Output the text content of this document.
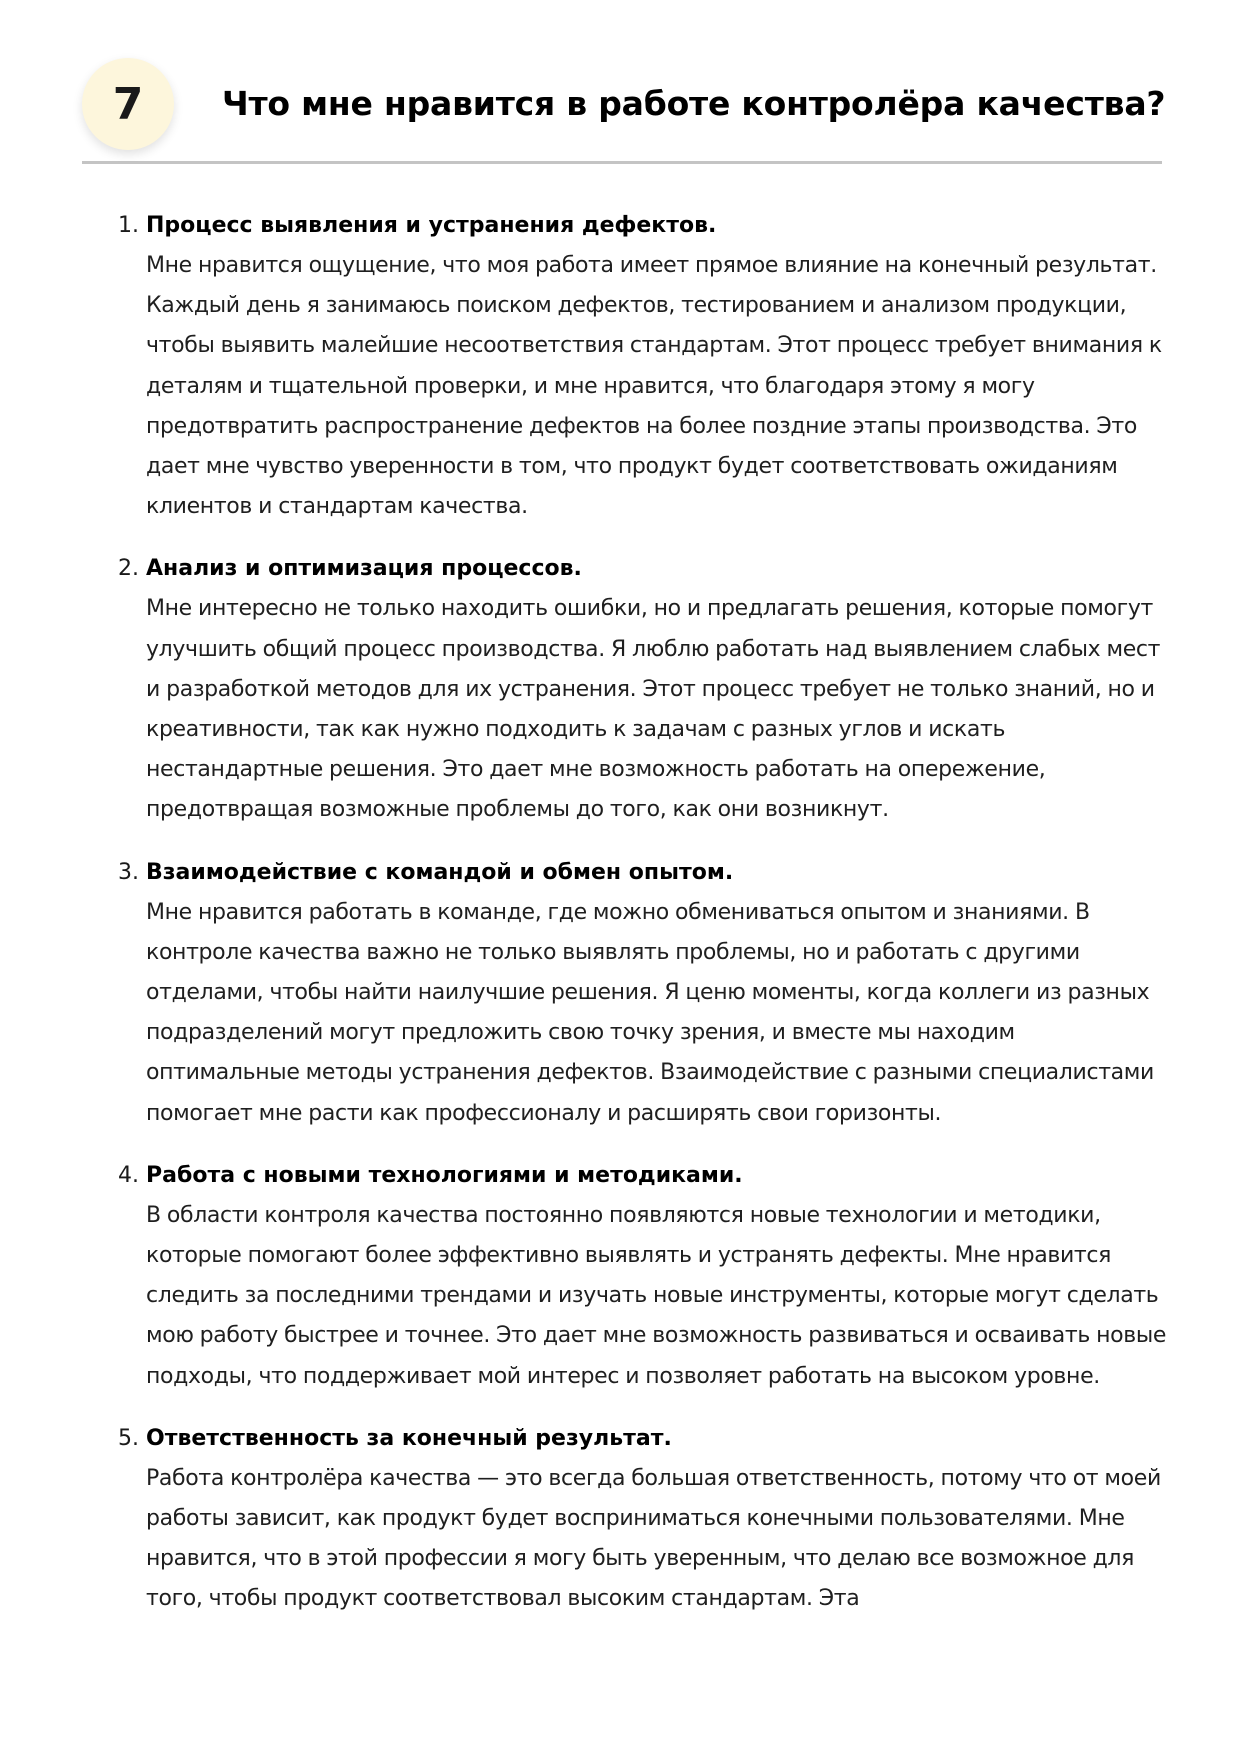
7	Что мне нравится в работе контролёра качества?
1. Процесс выявления и устранения дефектов.

Мне нравится ощущение, что моя работа имеет прямое влияние на конечный результат. Каждый день я занимаюсь поиском дефектов, тестированием и анализом продукции, чтобы выявить малейшие несоответствия стандартам. Этот процесс требует внимания к деталям и тщательной проверки, и мне нравится, что благодаря этому я могу предотвратить распространение дефектов на более поздние этапы производства. Это дает мне чувство уверенности в том, что продукт будет соответствовать ожиданиям клиентов и стандартам качества.

2. Анализ и оптимизация процессов.

Мне интересно не только находить ошибки, но и предлагать решения, которые помогут улучшить общий процесс производства. Я люблю работать над выявлением слабых мест и разработкой методов для их устранения. Этот процесс требует не только знаний, но и креативности, так как нужно подходить к задачам с разных углов и искать нестандартные решения. Это дает мне возможность работать на опережение, предотвращая возможные проблемы до того, как они возникнут.

3. Взаимодействие с командой и обмен опытом.

Мне нравится работать в команде, где можно обмениваться опытом и знаниями. В контроле качества важно не только выявлять проблемы, но и работать с другими отделами, чтобы найти наилучшие решения. Я ценю моменты, когда коллеги из разных подразделений могут предложить свою точку зрения, и вместе мы находим оптимальные методы устранения дефектов. Взаимодействие с разными специалистами помогает мне расти как профессионалу и расширять свои горизонты.

4. Работа с новыми технологиями и методиками.

В области контроля качества постоянно появляются новые технологии и методики, которые помогают более эффективно выявлять и устранять дефекты. Мне нравится следить за последними трендами и изучать новые инструменты, которые могут сделать мою работу быстрее и точнее. Это дает мне возможность развиваться и осваивать новые подходы, что поддерживает мой интерес и позволяет работать на высоком уровне.

5. Ответственность за конечный результат.

Работа контролёра качества — это всегда большая ответственность, потому что от моей работы зависит, как продукт будет восприниматься конечными пользователями. Мне нравится, что в этой профессии я могу быть уверенным, что делаю все возможное для того, чтобы продукт соответствовал высоким стандартам. Эта
